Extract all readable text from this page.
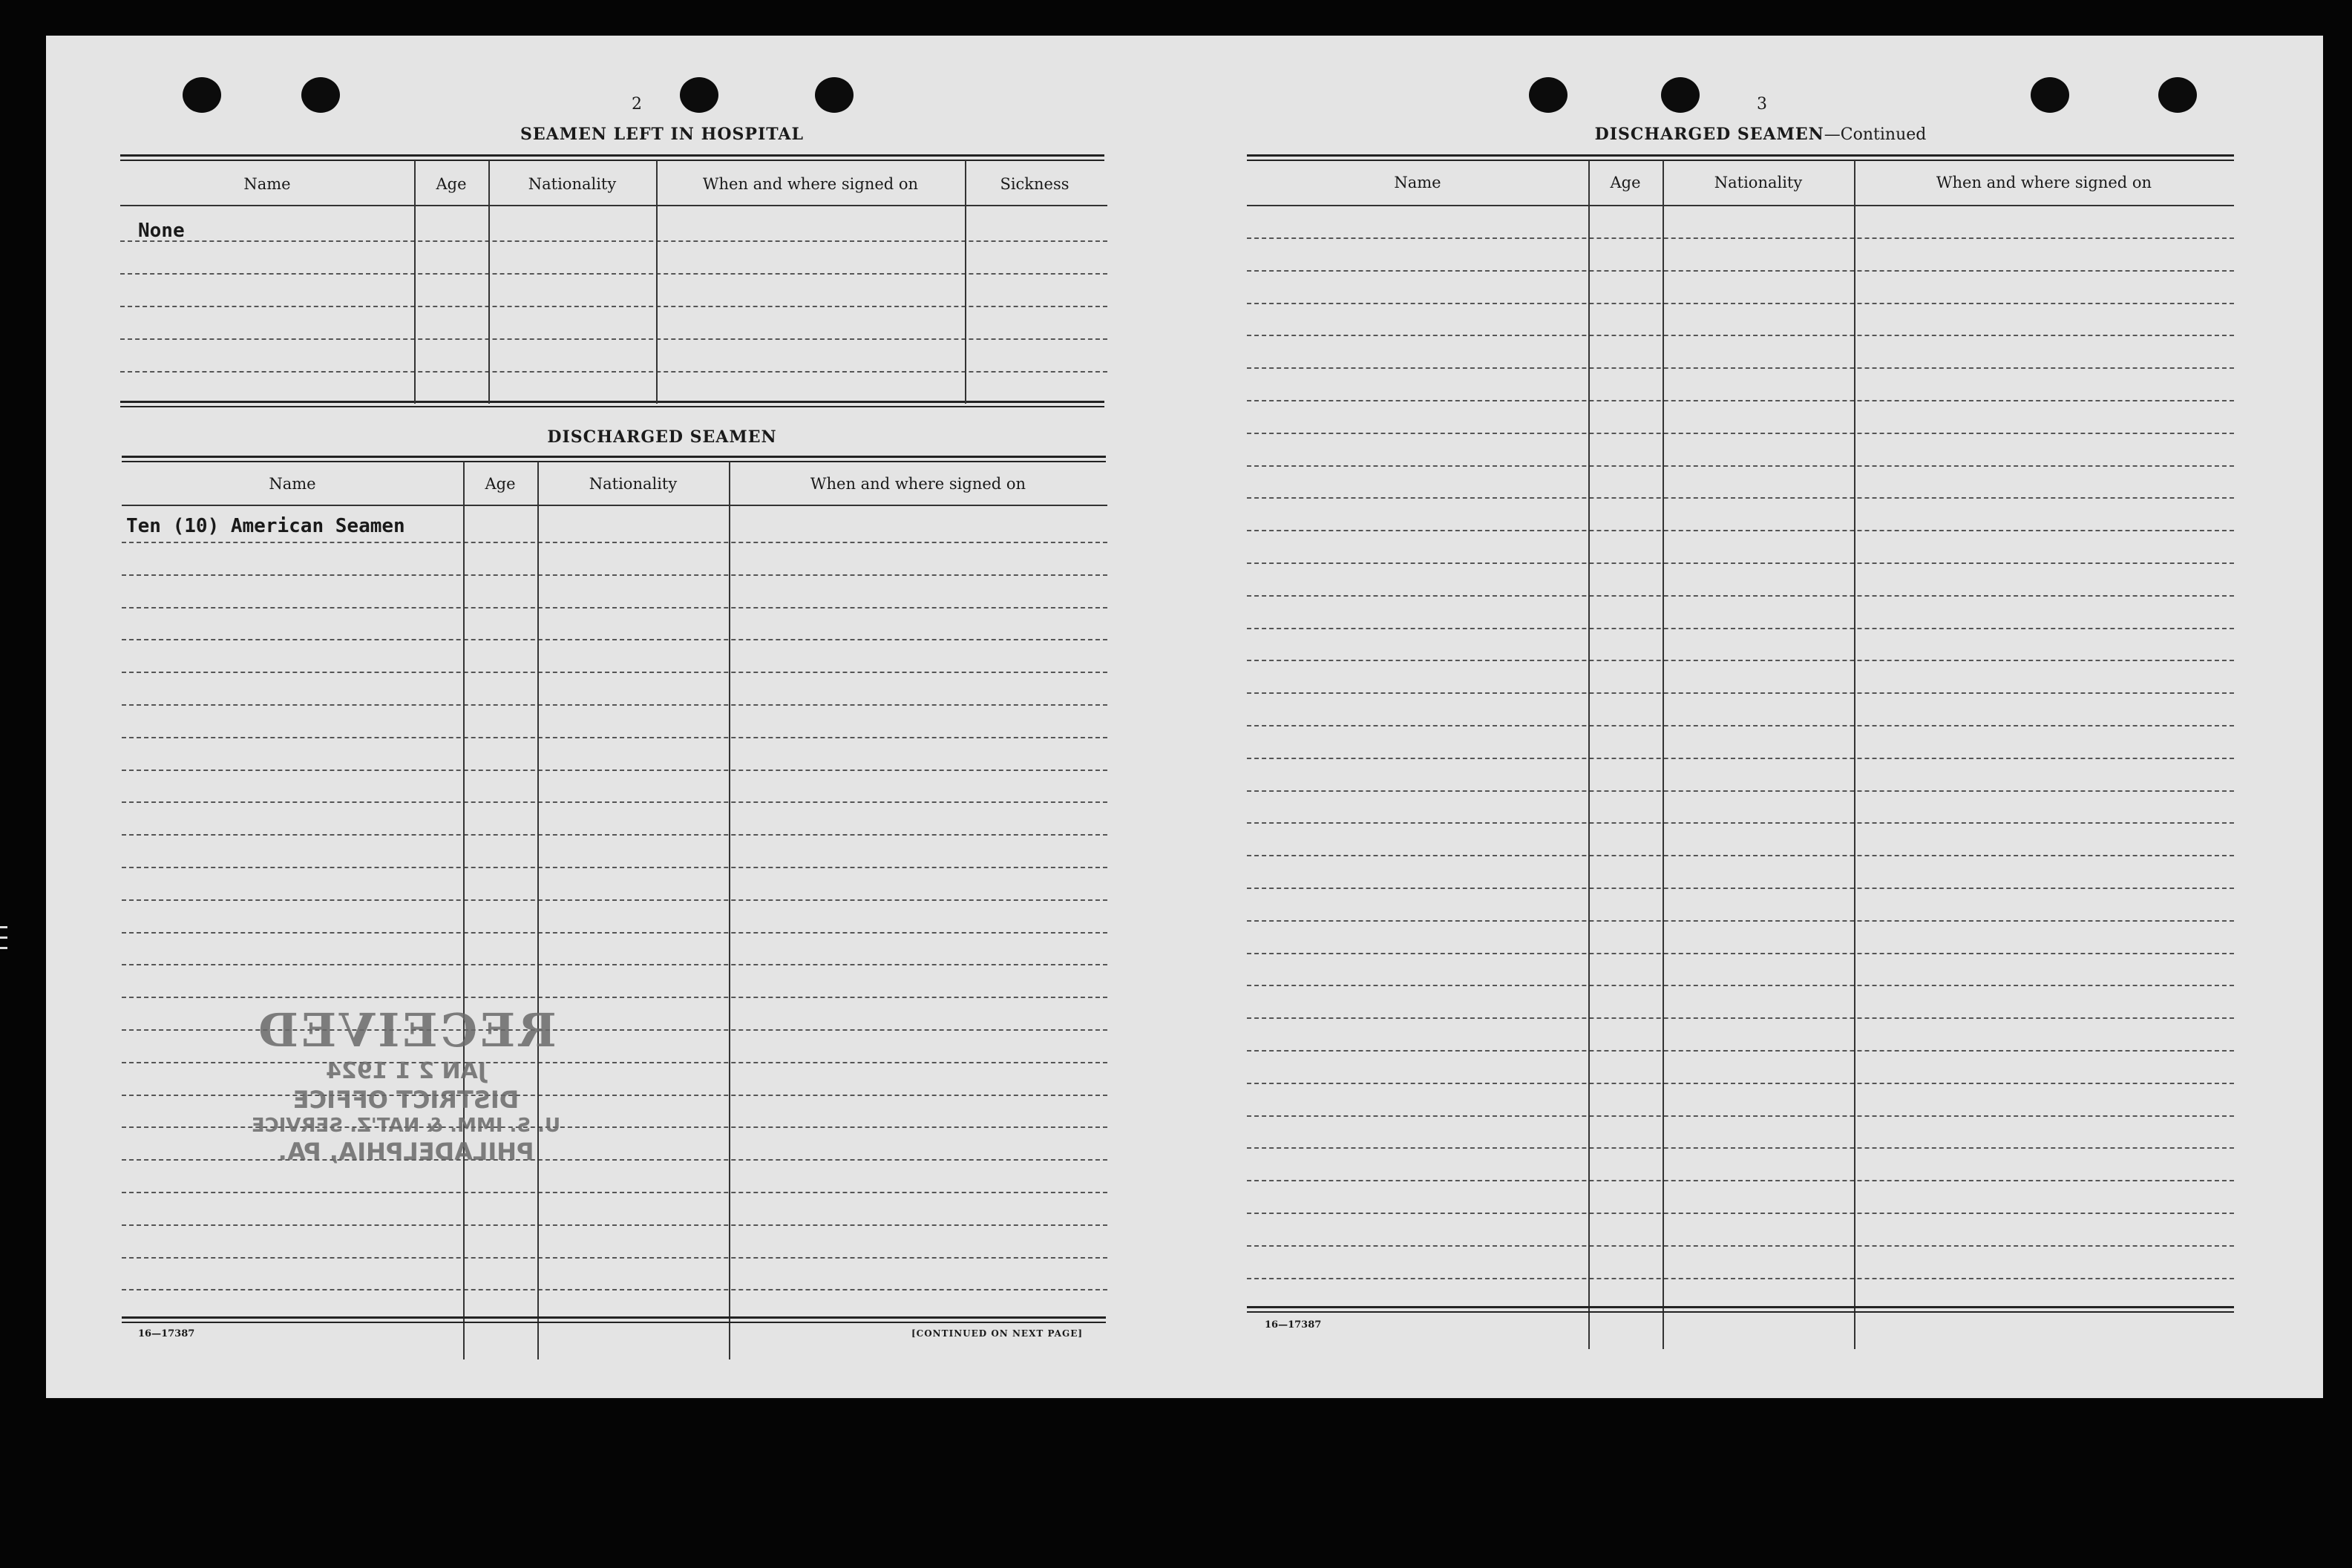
2
SEAMEN LEFT IN HOSPITAL
Name	Age	Nationality	When and where signed on	Sickness
None
DISCHARGED SEAMEN
Name	Age	Nationality	When and where signed on
Ten (10) American Seamen
16—17387	[CONTINUED ON NEXT PAGE]
RECEIVED
JAN 2 1 1924
DISTRICT OFFICE
U. S. IMM. & NAT'Z. SERVICE
PHILADELPHIA, PA.
3
DISCHARGED SEAMEN—Continued
Name	Age	Nationality	When and where signed on
16—17387
